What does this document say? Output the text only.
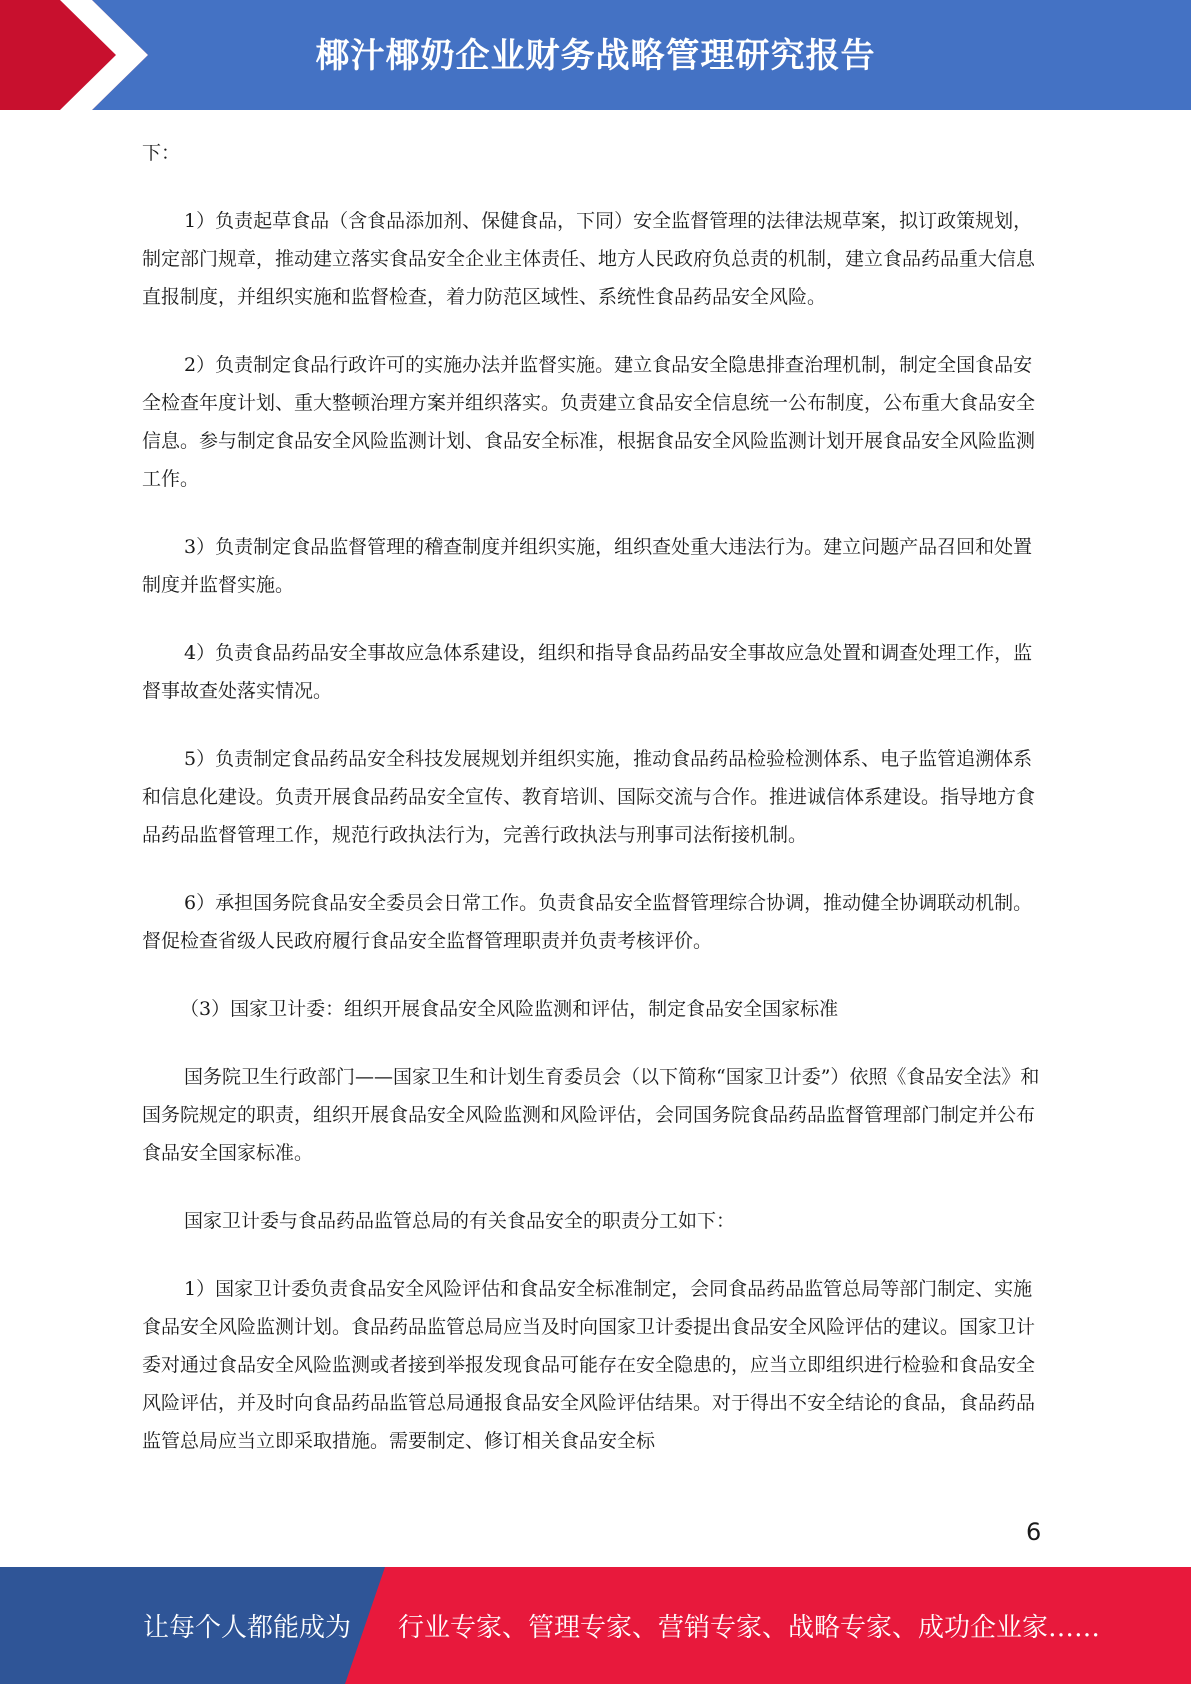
椰汁椰奶企业财务战略管理研究报告

下：

1）负责起草食品（含食品添加剂、保健食品，下同）安全监督管理的法律法规草案，拟订政策规划，制定部门规章，推动建立落实食品安全企业主体责任、地方人民政府负总责的机制，建立食品药品重大信息直报制度，并组织实施和监督检查，着力防范区域性、系统性食品药品安全风险。

2）负责制定食品行政许可的实施办法并监督实施。建立食品安全隐患排查治理机制，制定全国食品安全检查年度计划、重大整顿治理方案并组织落实。负责建立食品安全信息统一公布制度，公布重大食品安全信息。参与制定食品安全风险监测计划、食品安全标准，根据食品安全风险监测计划开展食品安全风险监测工作。

3）负责制定食品监督管理的稽查制度并组织实施，组织查处重大违法行为。建立问题产品召回和处置制度并监督实施。

4）负责食品药品安全事故应急体系建设，组织和指导食品药品安全事故应急处置和调查处理工作，监督事故查处落实情况。

5）负责制定食品药品安全科技发展规划并组织实施，推动食品药品检验检测体系、电子监管追溯体系和信息化建设。负责开展食品药品安全宣传、教育培训、国际交流与合作。推进诚信体系建设。指导地方食品药品监督管理工作，规范行政执法行为，完善行政执法与刑事司法衔接机制。

6）承担国务院食品安全委员会日常工作。负责食品安全监督管理综合协调，推动健全协调联动机制。督促检查省级人民政府履行食品安全监督管理职责并负责考核评价。

（3）国家卫计委：组织开展食品安全风险监测和评估，制定食品安全国家标准

国务院卫生行政部门——国家卫生和计划生育委员会（以下简称“国家卫计委”）依照《食品安全法》和国务院规定的职责，组织开展食品安全风险监测和风险评估，会同国务院食品药品监督管理部门制定并公布食品安全国家标准。

国家卫计委与食品药品监管总局的有关食品安全的职责分工如下：

1）国家卫计委负责食品安全风险评估和食品安全标准制定，会同食品药品监管总局等部门制定、实施食品安全风险监测计划。食品药品监管总局应当及时向国家卫计委提出食品安全风险评估的建议。国家卫计委对通过食品安全风险监测或者接到举报发现食品可能存在安全隐患的，应当立即组织进行检验和食品安全风险评估，并及时向食品药品监管总局通报食品安全风险评估结果。对于得出不安全结论的食品，食品药品监管总局应当立即采取措施。需要制定、修订相关食品安全标

6
让每个人都能成为 行业专家、管理专家、营销专家、战略专家、成功企业家……
